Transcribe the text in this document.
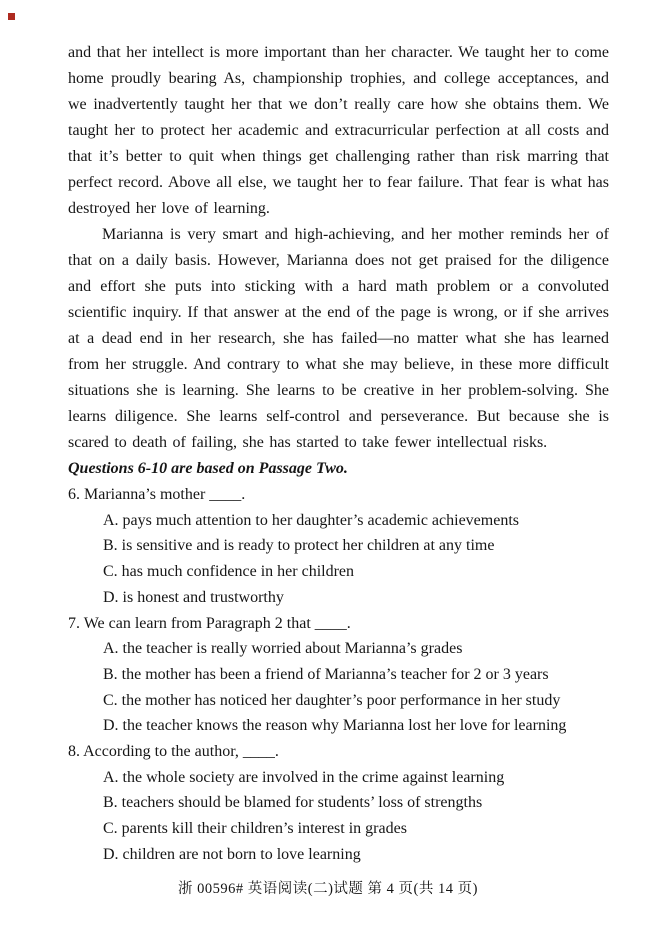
and that her intellect is more important than her character. We taught her to come home proudly bearing As, championship trophies, and college acceptances, and we inadvertently taught her that we don’t really care how she obtains them. We taught her to protect her academic and extracurricular perfection at all costs and that it’s better to quit when things get challenging rather than risk marring that perfect record. Above all else, we taught her to fear failure. That fear is what has destroyed her love of learning.

Marianna is very smart and high-achieving, and her mother reminds her of that on a daily basis. However, Marianna does not get praised for the diligence and effort she puts into sticking with a hard math problem or a convoluted scientific inquiry. If that answer at the end of the page is wrong, or if she arrives at a dead end in her research, she has failed—no matter what she has learned from her struggle. And contrary to what she may believe, in these more difficult situations she is learning. She learns to be creative in her problem-solving. She learns diligence. She learns self-control and perseverance. But because she is scared to death of failing, she has started to take fewer intellectual risks.

Questions 6-10 are based on Passage Two.

6. Marianna’s mother ____.
A. pays much attention to her daughter’s academic achievements
B. is sensitive and is ready to protect her children at any time
C. has much confidence in her children
D. is honest and trustworthy
7. We can learn from Paragraph 2 that ____.
A. the teacher is really worried about Marianna’s grades
B. the mother has been a friend of Marianna’s teacher for 2 or 3 years
C. the mother has noticed her daughter’s poor performance in her study
D. the teacher knows the reason why Marianna lost her love for learning
8. According to the author, ____.
A. the whole society are involved in the crime against learning
B. teachers should be blamed for students’ loss of strengths
C. parents kill their children’s interest in grades
D. children are not born to love learning
浙 00596# 英语阅读(二)试题 第 4 页(共 14 页)
